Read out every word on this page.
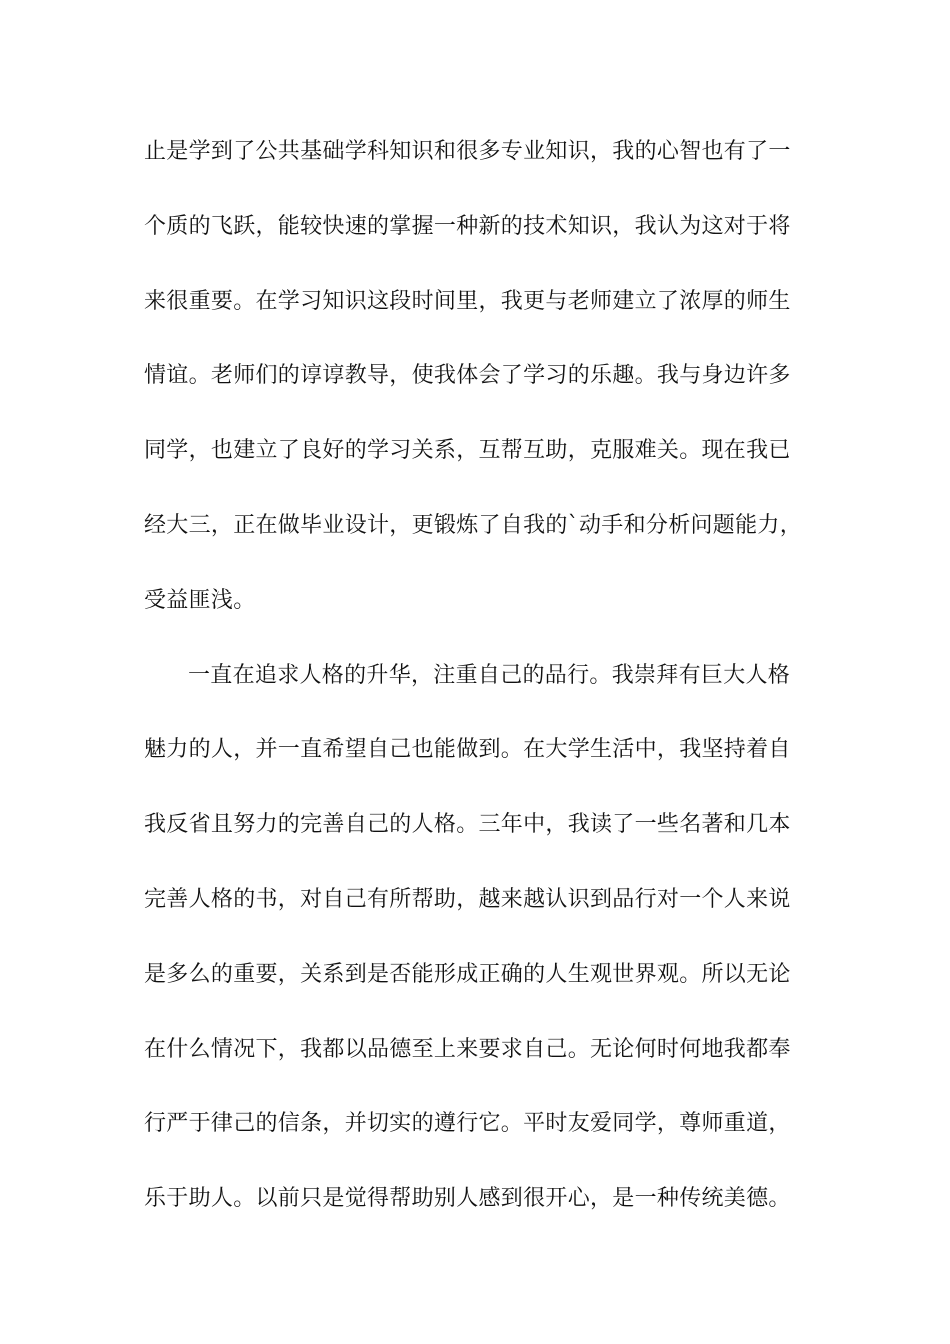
止是学到了公共基础学科知识和很多专业知识，我的心智也有了一
个质的飞跃，能较快速的掌握一种新的技术知识，我认为这对于将
来很重要。在学习知识这段时间里，我更与老师建立了浓厚的师生
情谊。老师们的谆谆教导，使我体会了学习的乐趣。我与身边许多
同学，也建立了良好的学习关系，互帮互助，克服难关。现在我已
经大三，正在做毕业设计，更锻炼了自我的`动手和分析问题能力，
受益匪浅。
一直在追求人格的升华，注重自己的品行。我崇拜有巨大人格
魅力的人，并一直希望自己也能做到。在大学生活中，我坚持着自
我反省且努力的完善自己的人格。三年中，我读了一些名著和几本
完善人格的书，对自己有所帮助，越来越认识到品行对一个人来说
是多么的重要，关系到是否能形成正确的人生观世界观。所以无论
在什么情况下，我都以品德至上来要求自己。无论何时何地我都奉
行严于律己的信条，并切实的遵行它。平时友爱同学，尊师重道，
乐于助人。以前只是觉得帮助别人感到很开心，是一种传统美德。
